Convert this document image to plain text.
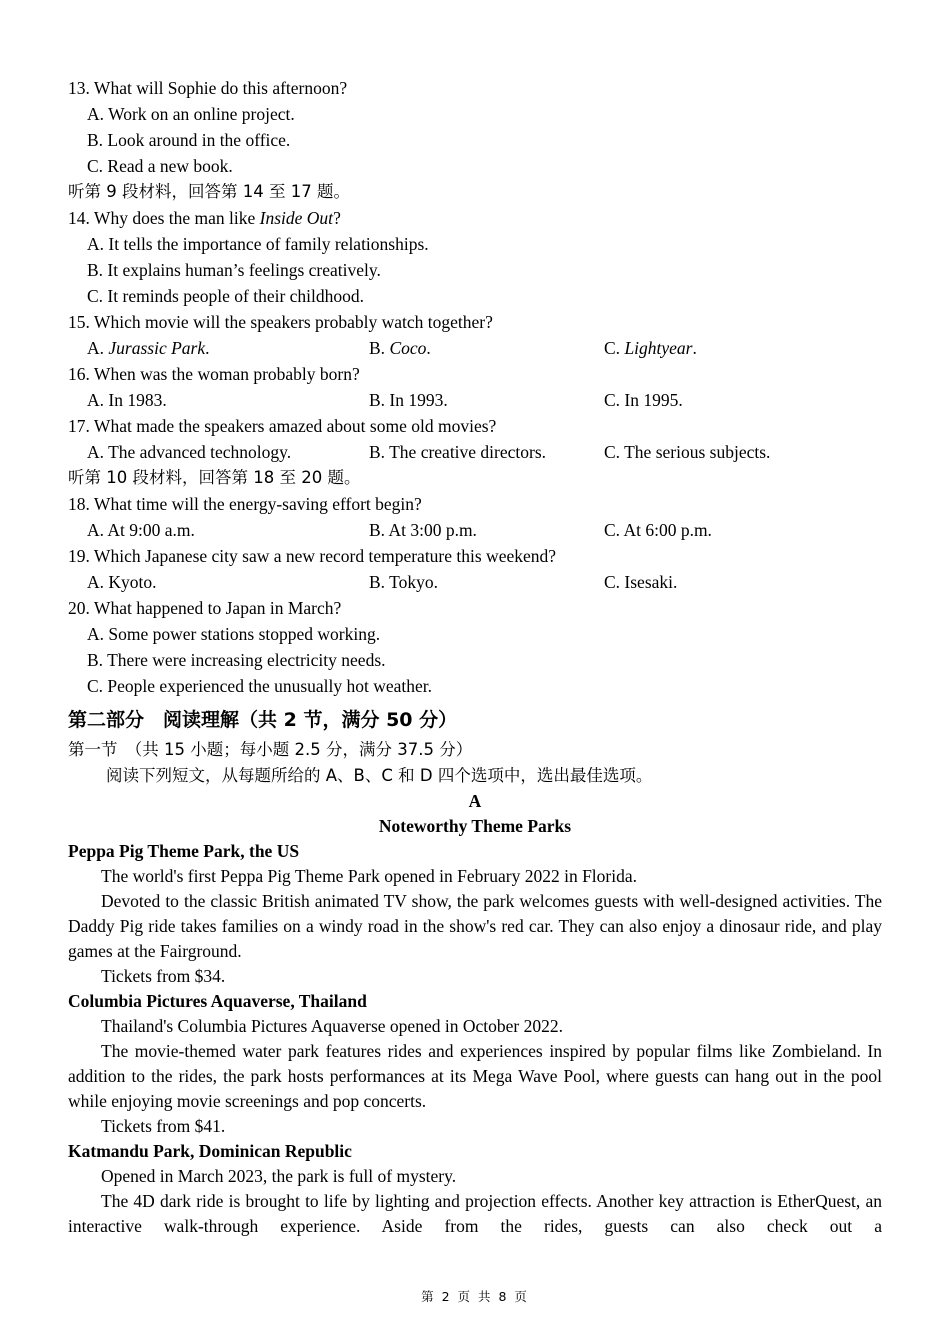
13. What will Sophie do this afternoon?
A. Work on an online project.
B. Look around in the office.
C. Read a new book.
听第 9 段材料，回答第 14 至 17 题。
14. Why does the man like Inside Out?
A. It tells the importance of family relationships.
B. It explains human’s feelings creatively.
C. It reminds people of their childhood.
15. Which movie will the speakers probably watch together?
A. Jurassic Park.	B. Coco.	C. Lightyear.
16. When was the woman probably born?
A. In 1983.	B. In 1993.	C. In 1995.
17. What made the speakers amazed about some old movies?
A. The advanced technology.	B. The creative directors.	C. The serious subjects.
听第 10 段材料，回答第 18 至 20 题。
18. What time will the energy-saving effort begin?
A. At 9:00 a.m.	B. At 3:00 p.m.	C. At 6:00 p.m.
19. Which Japanese city saw a new record temperature this weekend?
A. Kyoto.	B. Tokyo.	C. Isesaki.
20. What happened to Japan in March?
A. Some power stations stopped working.
B. There were increasing electricity needs.
C. People experienced the unusually hot weather.
第二部分　阅读理解（共 2 节，满分 50 分）
第一节　（共 15 小题；每小题 2.5 分，满分 37.5 分）
阅读下列短文，从每题所给的 A、B、C 和 D 四个选项中，选出最佳选项。
A
Noteworthy Theme Parks
Peppa Pig Theme Park, the US
The world's first Peppa Pig Theme Park opened in February 2022 in Florida.
Devoted to the classic British animated TV show, the park welcomes guests with well-designed activities. The Daddy Pig ride takes families on a windy road in the show's red car. They can also enjoy a dinosaur ride, and play games at the Fairground.
Tickets from $34.
Columbia Pictures Aquaverse, Thailand
Thailand's Columbia Pictures Aquaverse opened in October 2022.
The movie-themed water park features rides and experiences inspired by popular films like Zombieland. In addition to the rides, the park hosts performances at its Mega Wave Pool, where guests can hang out in the pool while enjoying movie screenings and pop concerts.
Tickets from $41.
Katmandu Park, Dominican Republic
Opened in March 2023, the park is full of mystery.
The 4D dark ride is brought to life by lighting and projection effects. Another key attraction is EtherQuest, an interactive walk-through experience. Aside from the rides, guests can also check out a
第 2 页 共 8 页
